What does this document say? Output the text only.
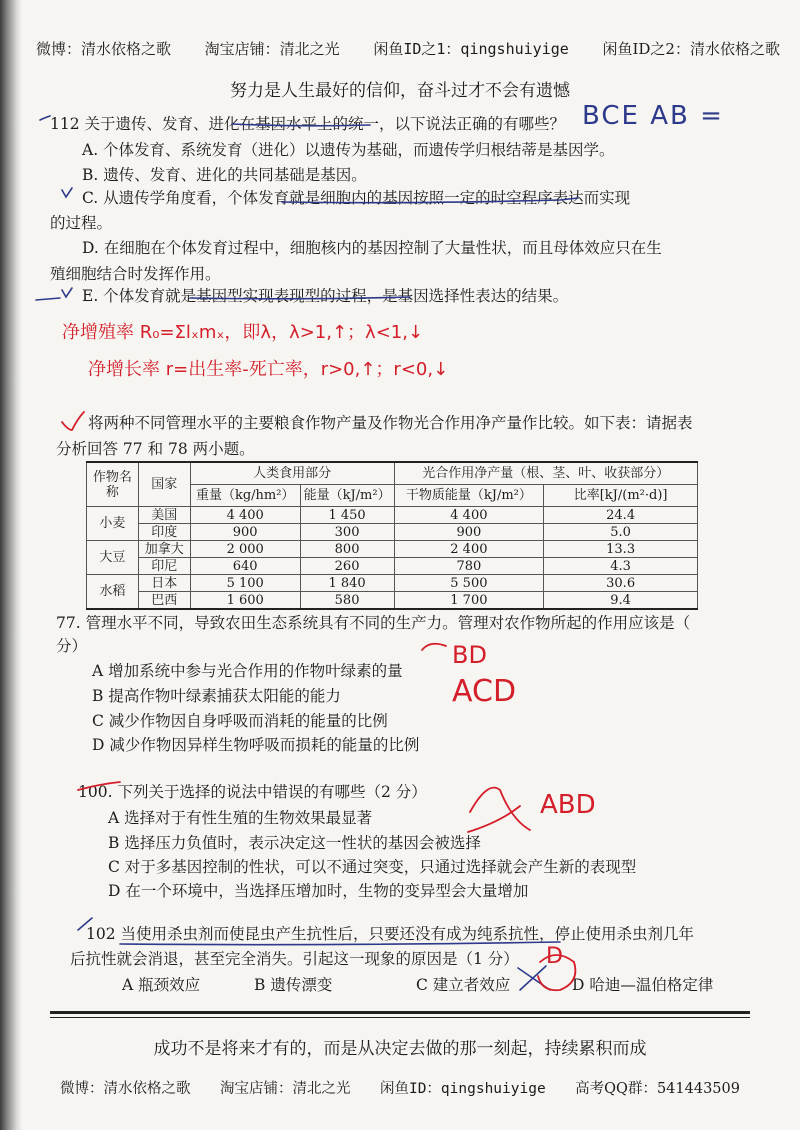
微博：清水依格之歌 淘宝店铺：清北之光 闲鱼ID之1：qingshuiyige 闲鱼ID之2：清水依格之歌
努力是人生最好的信仰，奋斗过才不会有遗憾
112 关于遗传、发育、进化在基因水平上的统一，以下说法正确的有哪些？
A. 个体发育、系统发育（进化）以遗传为基础，而遗传学归根结蒂是基因学。
B. 遗传、发育、进化的共同基础是基因。
C. 从遗传学角度看，个体发育就是细胞内的基因按照一定的时空程序表达而实现
的过程。
D. 在细胞在个体发育过程中，细胞核内的基因控制了大量性状，而且母体效应只在生
殖细胞结合时发挥作用。
E. 个体发育就是基因型实现表现型的过程，是基因选择性表达的结果。
净增殖率 R₀=Σlₓmₓ，即λ，λ>1,↑；λ<1,↓
净增长率 r=出生率-死亡率，r>0,↑；r<0,↓
BCE AB =
将两种不同管理水平的主要粮食作物产量及作物光合作用净产量作比较。如下表：请据表
分析回答 77 和 78 两小题。
作物名称	国家	人类食用部分		光合作用净产量（根、茎、叶、收获部分）	
		重量（kg/hm²）	能量（kJ/m²）	干物质能量（kJ/m²）	比率[kJ/(m²·d)]
小麦	美国	4 400	1 450	4 400	24.4
	印度	900	300	900	5.0
大豆	加拿大	2 000	800	2 400	13.3
	印尼	640	260	780	4.3
水稻	日本	5 100	1 840	5 500	30.6
	巴西	1 600	580	1 700	9.4
77. 管理水平不同，导致农田生态系统具有不同的生产力。管理对农作物所起的作用应该是（
分）
A 增加系统中参与光合作用的作物叶绿素的量
B 提高作物叶绿素捕获太阳能的能力
C 减少作物因自身呼吸而消耗的能量的比例
D 减少作物因异样生物呼吸而损耗的能量的比例
BD
ACD
100. 下列关于选择的说法中错误的有哪些（2 分）
A 选择对于有性生殖的生物效果最显著
B 选择压力负值时，表示决定这一性状的基因会被选择
C 对于多基因控制的性状，可以不通过突变，只通过选择就会产生新的表现型
D 在一个环境中，当选择压增加时，生物的变异型会大量增加
ABD
102 当使用杀虫剂而使昆虫产生抗性后，只要还没有成为纯系抗性，停止使用杀虫剂几年
后抗性就会消退，甚至完全消失。引起这一现象的原因是（1 分）
A 瓶颈效应	B 遗传漂变	C 建立者效应	D 哈迪—温伯格定律
D
成功不是将来才有的，而是从决定去做的那一刻起，持续累积而成
微博：清水依格之歌 淘宝店铺：清北之光 闲鱼ID：qingshuiyige 高考QQ群：541443509
